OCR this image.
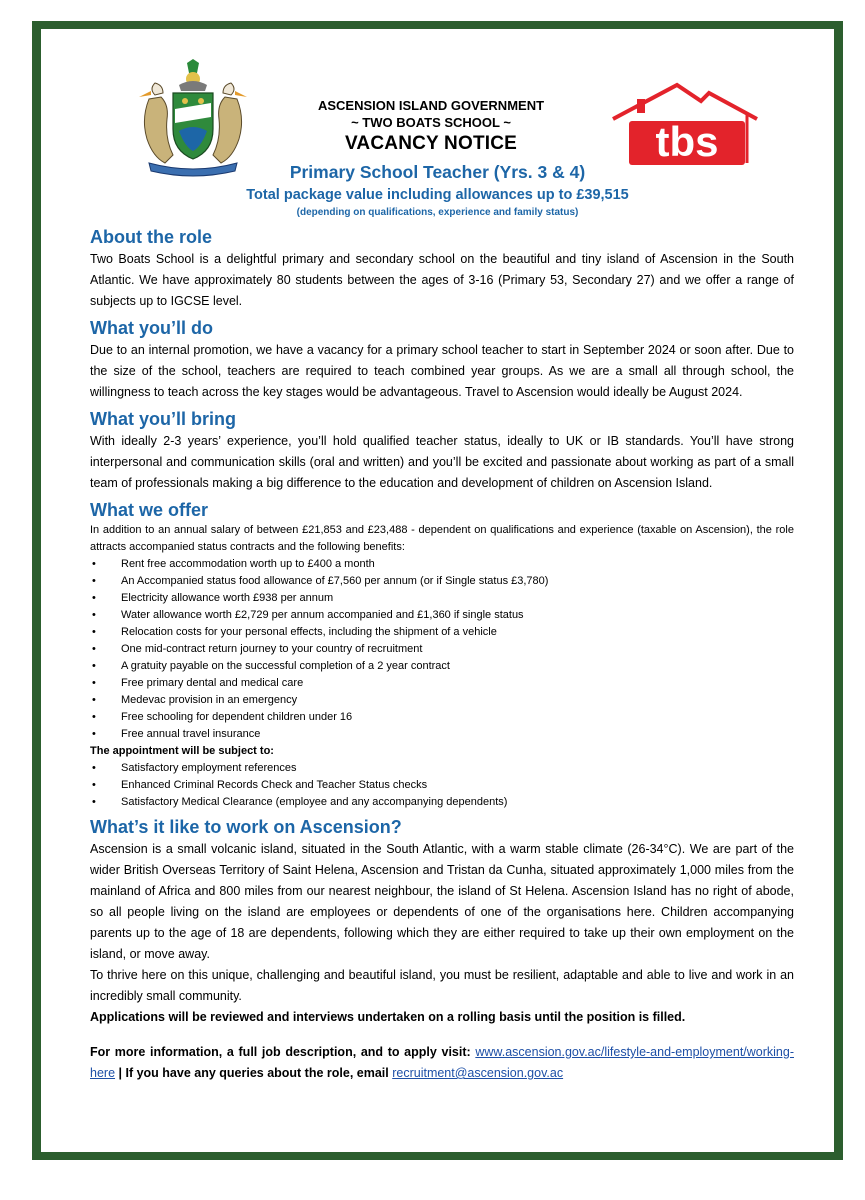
ASCENSION ISLAND GOVERNMENT
~ TWO BOATS SCHOOL ~
VACANCY NOTICE	tbs
Primary School Teacher (Yrs. 3 & 4)
Total package value including allowances up to £39,515
(depending on qualifications, experience and family status)
About the role

Two Boats School is a delightful primary and secondary school on the beautiful and tiny island of Ascension in the South Atlantic. We have approximately 80 students between the ages of 3-16 (Primary 53, Secondary 27) and we offer a range of subjects up to IGCSE level.

What you’ll do

Due to an internal promotion, we have a vacancy for a primary school teacher to start in September 2024 or soon after. Due to the size of the school, teachers are required to teach combined year groups. As we are a small all through school, the willingness to teach across the key stages would be advantageous. Travel to Ascension would ideally be August 2024.

What you’ll bring

With ideally 2-3 years’ experience, you’ll hold qualified teacher status, ideally to UK or IB standards. You’ll have strong interpersonal and communication skills (oral and written) and you’ll be excited and passionate about working as part of a small team of professionals making a big difference to the education and development of children on Ascension Island.

What we offer

In addition to an annual salary of between £21,853 and £23,488 - dependent on qualifications and experience (taxable on Ascension), the role attracts accompanied status contracts and the following benefits:

• Rent free accommodation worth up to £400 a month
• An Accompanied status food allowance of £7,560 per annum (or if Single status £3,780)
• Electricity allowance worth £938 per annum
• Water allowance worth £2,729 per annum accompanied and £1,360 if single status
• Relocation costs for your personal effects, including the shipment of a vehicle
• One mid-contract return journey to your country of recruitment
• A gratuity payable on the successful completion of a 2 year contract
• Free primary dental and medical care
• Medevac provision in an emergency
• Free schooling for dependent children under 16
• Free annual travel insurance
The appointment will be subject to:
• Satisfactory employment references
• Enhanced Criminal Records Check and Teacher Status checks
• Satisfactory Medical Clearance (employee and any accompanying dependents)
What’s it like to work on Ascension?

Ascension is a small volcanic island, situated in the South Atlantic, with a warm stable climate (26-34°C). We are part of the wider British Overseas Territory of Saint Helena, Ascension and Tristan da Cunha, situated approximately 1,000 miles from the mainland of Africa and 800 miles from our nearest neighbour, the island of St Helena. Ascension Island has no right of abode, so all people living on the island are employees or dependents of one of the organisations here. Children accompanying parents up to the age of 18 are dependents, following which they are either required to take up their own employment on the island, or move away.

To thrive here on this unique, challenging and beautiful island, you must be resilient, adaptable and able to live and work in an incredibly small community.

Applications will be reviewed and interviews undertaken on a rolling basis until the position is filled.

For more information, a full job description, and to apply visit: www.ascension.gov.ac/lifestyle-and-employment/working-here | If you have any queries about the role, email recruitment@ascension.gov.ac
